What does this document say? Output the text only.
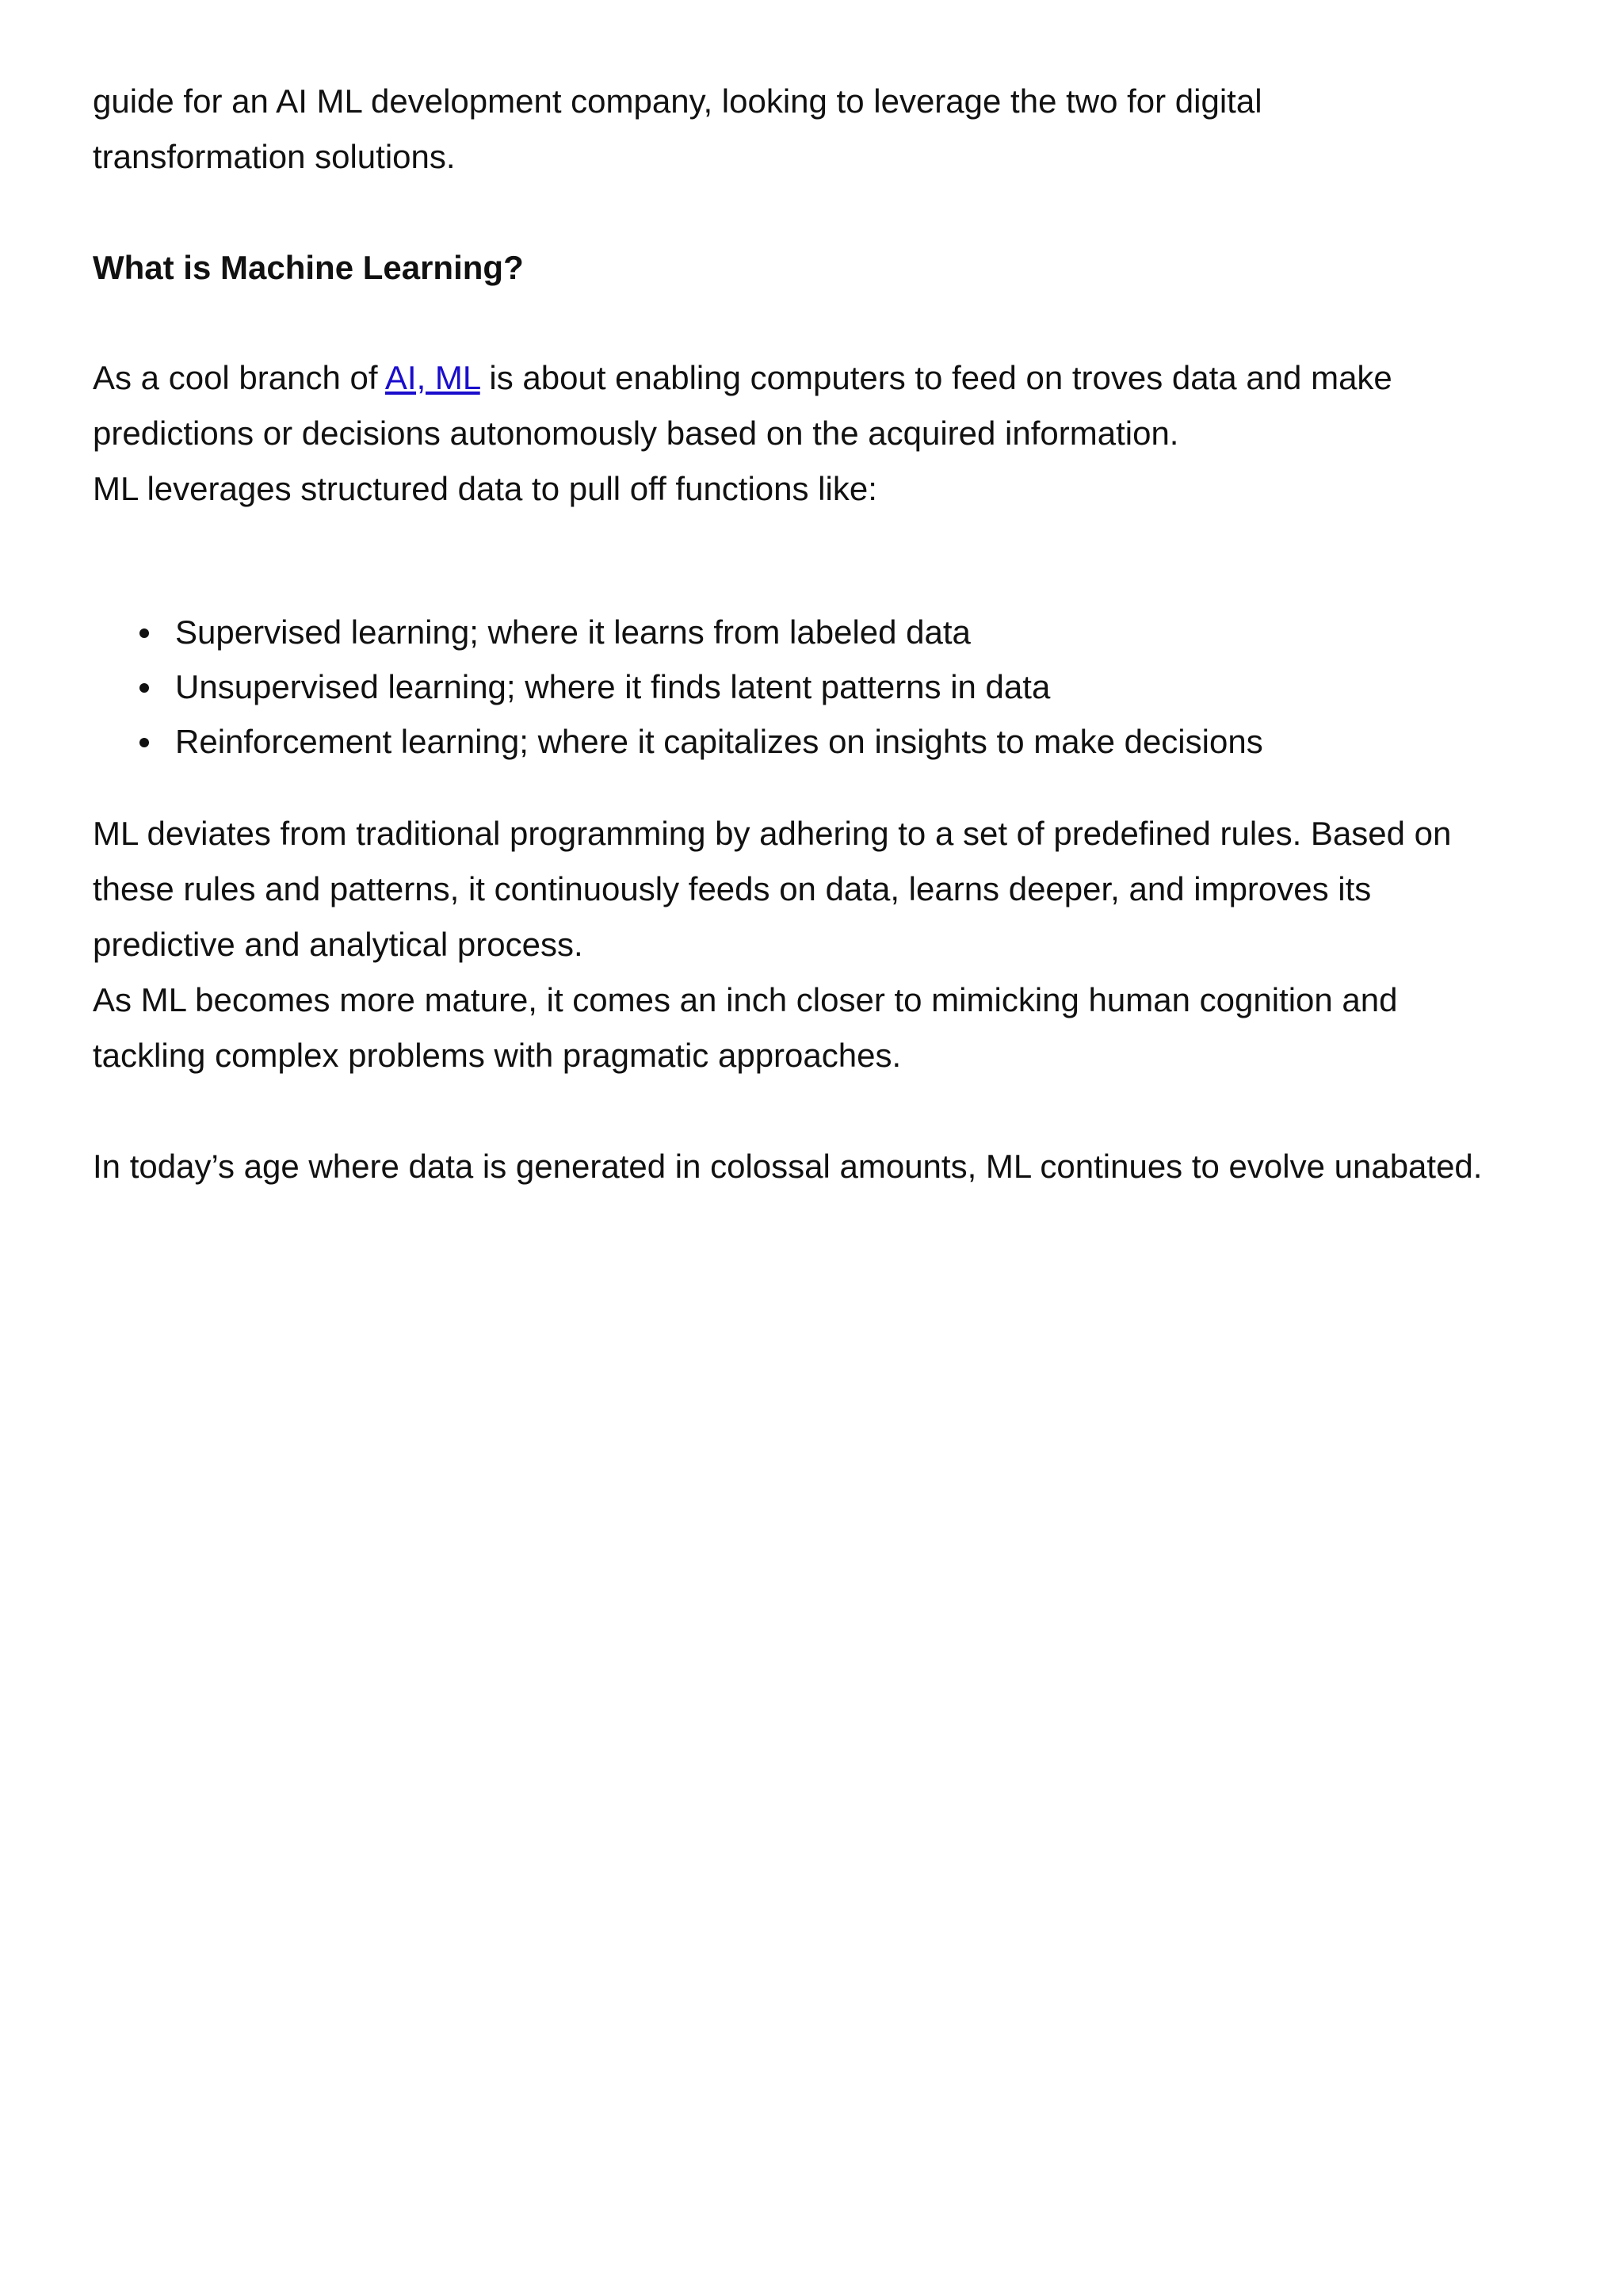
guide for an AI ML development company, looking to leverage the two for digital
transformation solutions.
What is Machine Learning?
As a cool branch of AI, ML is about enabling computers to feed on troves data and make
predictions or decisions autonomously based on the acquired information.
ML leverages structured data to pull off functions like:
Supervised learning; where it learns from labeled data
Unsupervised learning; where it finds latent patterns in data
Reinforcement learning; where it capitalizes on insights to make decisions
ML deviates from traditional programming by adhering to a set of predefined rules. Based on
these rules and patterns, it continuously feeds on data, learns deeper, and improves its
predictive and analytical process.
As ML becomes more mature, it comes an inch closer to mimicking human cognition and
tackling complex problems with pragmatic approaches.
In today’s age where data is generated in colossal amounts, ML continues to evolve unabated.
